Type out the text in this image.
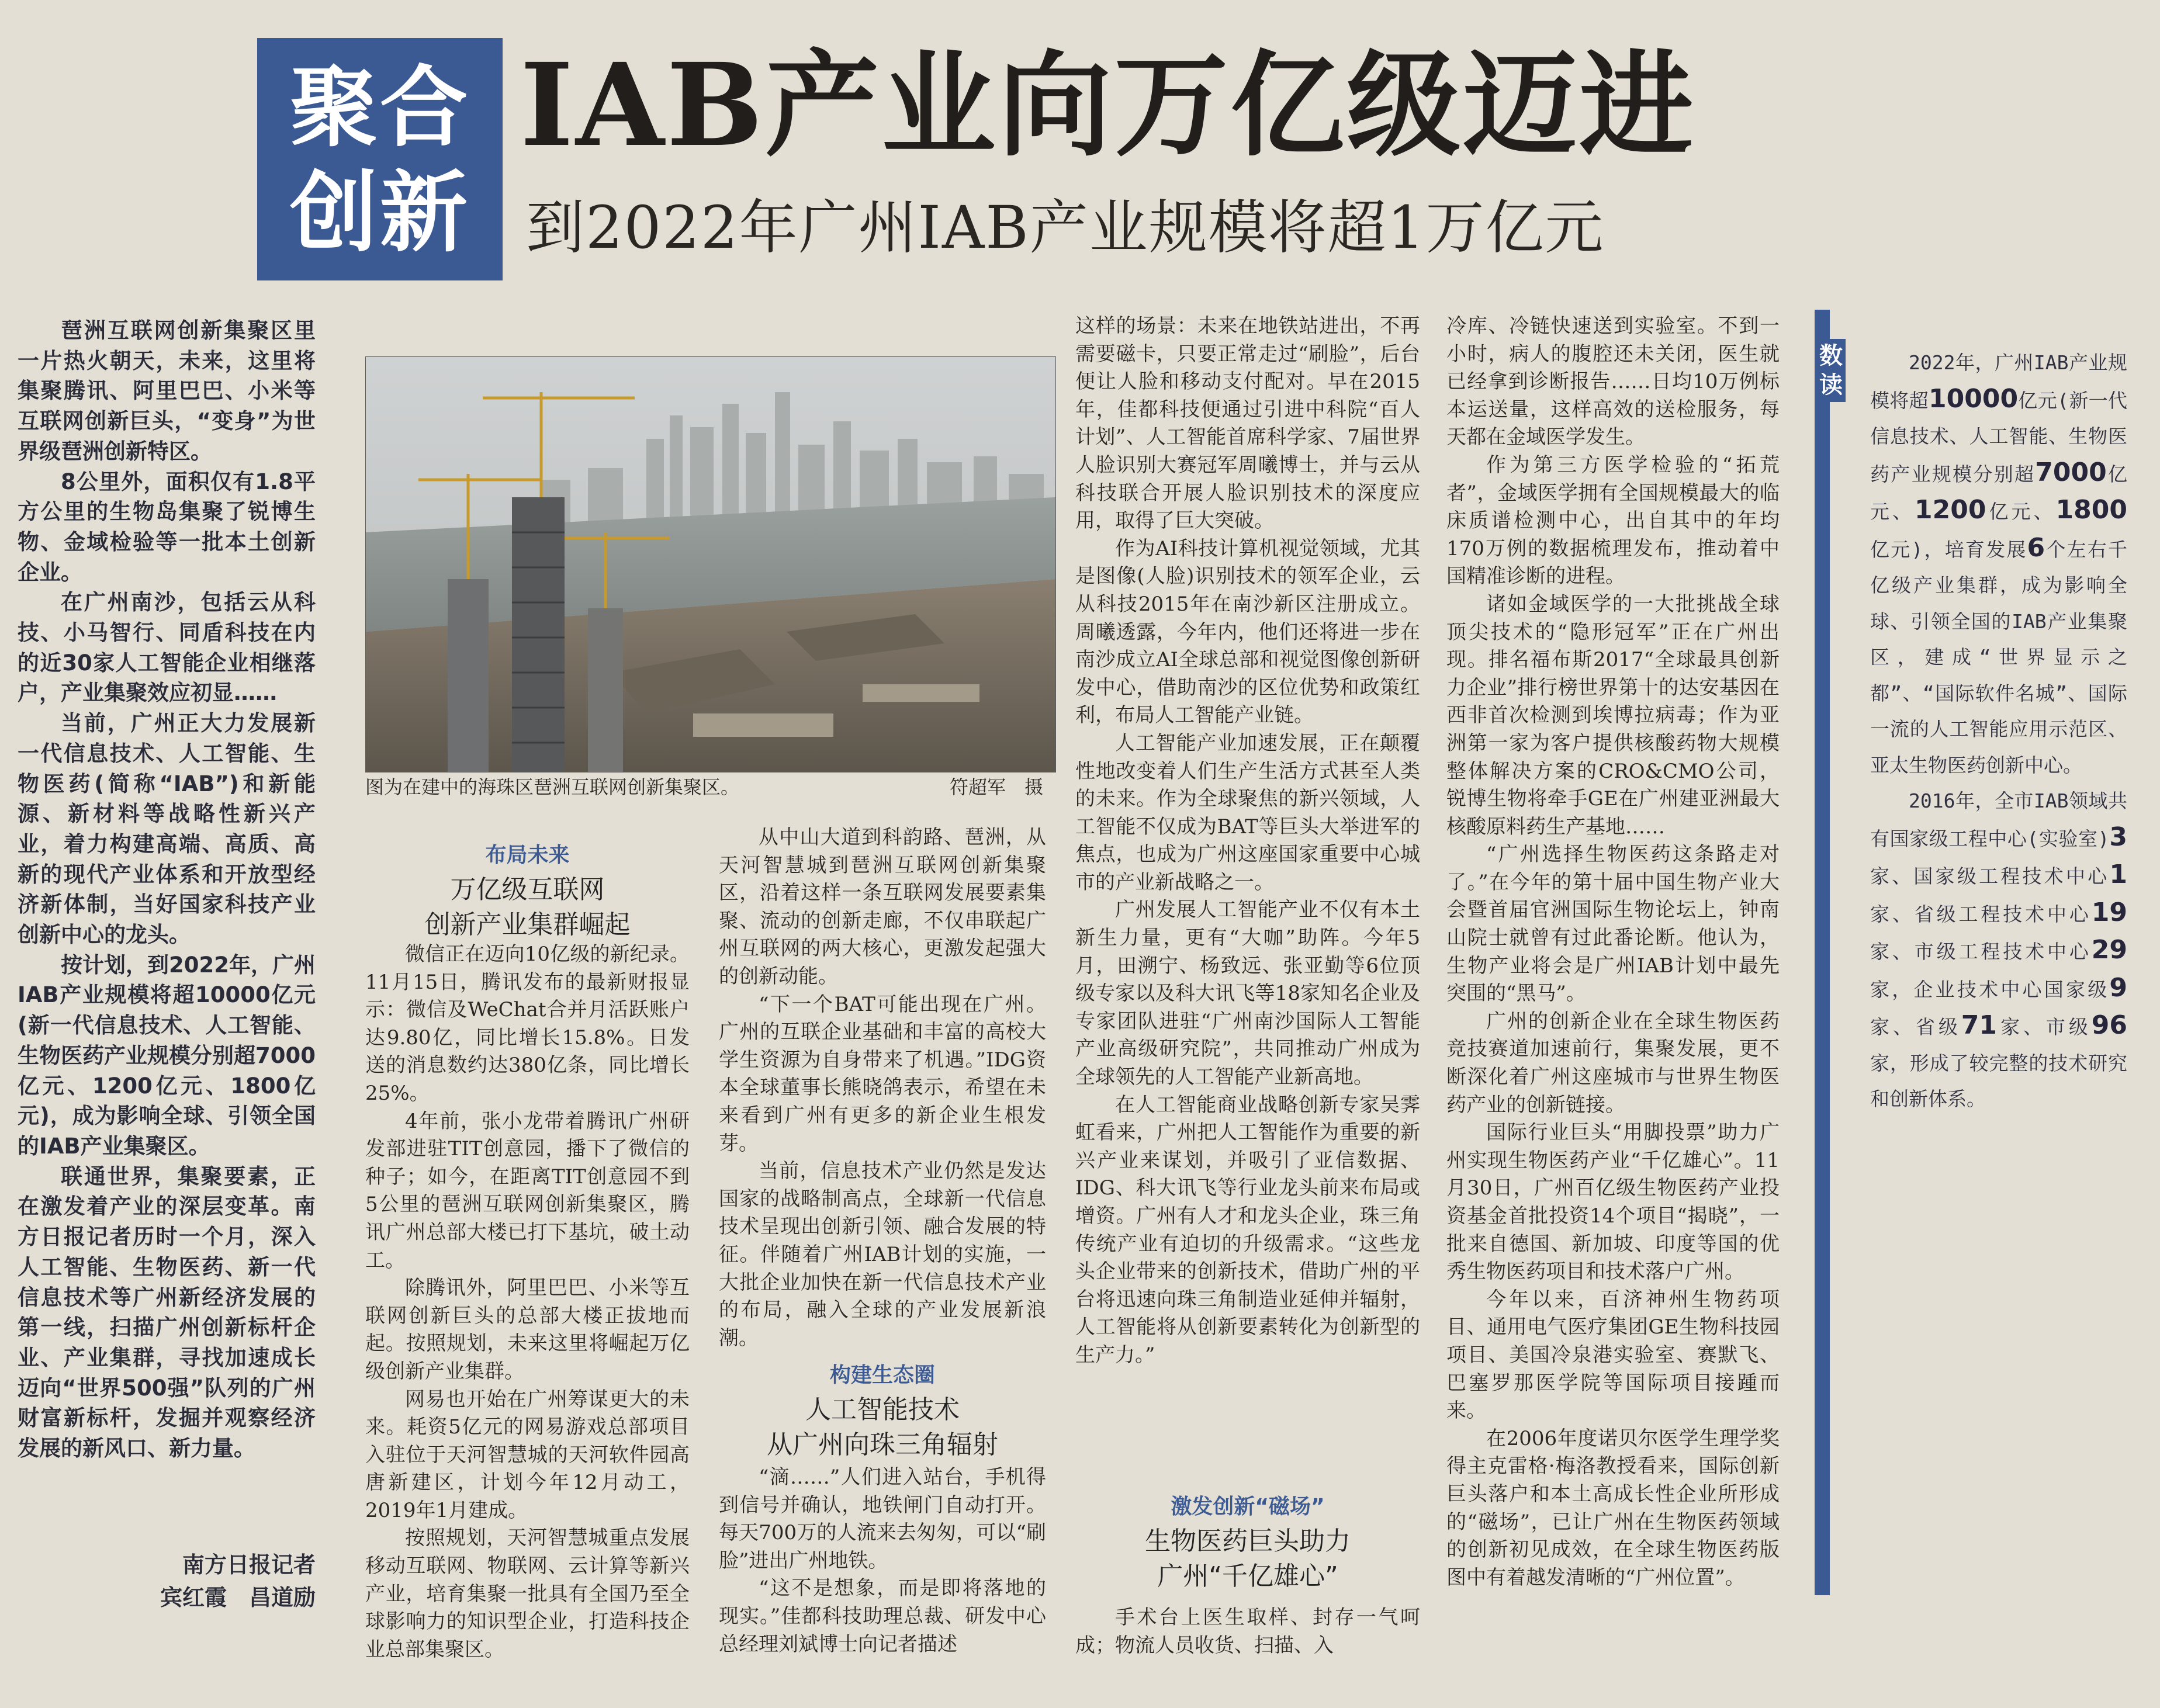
聚合
创新
IAB产业向万亿级迈进
到2022年广州IAB产业规模将超1万亿元

琶洲互联网创新集聚区里一片热火朝天，未来，这里将集聚腾讯、阿里巴巴、小米等互联网创新巨头，“变身”为世界级琶洲创新特区。

8公里外，面积仅有1.8平方公里的生物岛集聚了锐博生物、金域检验等一批本土创新企业。

在广州南沙，包括云从科技、小马智行、同盾科技在内的近30家人工智能企业相继落户，产业集聚效应初显……

当前，广州正大力发展新一代信息技术、人工智能、生物医药(简称“IAB”)和新能源、新材料等战略性新兴产业，着力构建高端、高质、高新的现代产业体系和开放型经济新体制，当好国家科技产业创新中心的龙头。

按计划，到2022年，广州IAB产业规模将超10000亿元(新一代信息技术、人工智能、生物医药产业规模分别超7000亿元、1200亿元、1800亿元)，成为影响全球、引领全国的IAB产业集聚区。

联通世界，集聚要素，正在激发着产业的深层变革。南方日报记者历时一个月，深入人工智能、生物医药、新一代信息技术等广州新经济发展的第一线，扫描广州创新标杆企业、产业集群，寻找加速成长迈向“世界500强”队列的广州财富新标杆，发掘并观察经济发展的新风口、新力量。

南方日报记者
宾红霞　昌道励
图为在建中的海珠区琶洲互联网创新集聚区。	符超军　摄
布局未来
万亿级互联网
创新产业集群崛起

微信正在迈向10亿级的新纪录。11月15日，腾讯发布的最新财报显示：微信及WeChat合并月活跃账户达9.80亿，同比增长15.8%。日发送的消息数约达380亿条，同比增长25%。

4年前，张小龙带着腾讯广州研发部进驻TIT创意园，播下了微信的种子；如今，在距离TIT创意园不到5公里的琶洲互联网创新集聚区，腾讯广州总部大楼已打下基坑，破土动工。

除腾讯外，阿里巴巴、小米等互联网创新巨头的总部大楼正拔地而起。按照规划，未来这里将崛起万亿级创新产业集群。

网易也开始在广州筹谋更大的未来。耗资5亿元的网易游戏总部项目入驻位于天河智慧城的天河软件园高唐新建区，计划今年12月动工，2019年1月建成。

按照规划，天河智慧城重点发展移动互联网、物联网、云计算等新兴产业，培育集聚一批具有全国乃至全球影响力的知识型企业，打造科技企业总部集聚区。

从中山大道到科韵路、琶洲，从天河智慧城到琶洲互联网创新集聚区，沿着这样一条互联网发展要素集聚、流动的创新走廊，不仅串联起广州互联网的两大核心，更激发起强大的创新动能。

“下一个BAT可能出现在广州。广州的互联企业基础和丰富的高校大学生资源为自身带来了机遇。”IDG资本全球董事长熊晓鸽表示，希望在未来看到广州有更多的新企业生根发芽。

当前，信息技术产业仍然是发达国家的战略制高点，全球新一代信息技术呈现出创新引领、融合发展的特征。伴随着广州IAB计划的实施，一大批企业加快在新一代信息技术产业的布局，融入全球的产业发展新浪潮。

构建生态圈
人工智能技术
从广州向珠三角辐射

“滴……”人们进入站台，手机得到信号并确认，地铁闸门自动打开。每天700万的人流来去匆匆，可以“刷脸”进出广州地铁。

“这不是想象，而是即将落地的现实。”佳都科技助理总裁、研发中心总经理刘斌博士向记者描述

这样的场景：未来在地铁站进出，不再需要磁卡，只要正常走过“刷脸”，后台便让人脸和移动支付配对。早在2015年，佳都科技便通过引进中科院“百人计划”、人工智能首席科学家、7届世界人脸识别大赛冠军周曦博士，并与云从科技联合开展人脸识别技术的深度应用，取得了巨大突破。

作为AI科技计算机视觉领域，尤其是图像(人脸)识别技术的领军企业，云从科技2015年在南沙新区注册成立。周曦透露，今年内，他们还将进一步在南沙成立AI全球总部和视觉图像创新研发中心，借助南沙的区位优势和政策红利，布局人工智能产业链。

人工智能产业加速发展，正在颠覆性地改变着人们生产生活方式甚至人类的未来。作为全球聚焦的新兴领域，人工智能不仅成为BAT等巨头大举进军的焦点，也成为广州这座国家重要中心城市的产业新战略之一。

广州发展人工智能产业不仅有本土新生力量，更有“大咖”助阵。今年5月，田溯宁、杨致远、张亚勤等6位顶级专家以及科大讯飞等18家知名企业及专家团队进驻“广州南沙国际人工智能产业高级研究院”，共同推动广州成为全球领先的人工智能产业新高地。

在人工智能商业战略创新专家吴霁虹看来，广州把人工智能作为重要的新兴产业来谋划，并吸引了亚信数据、IDG、科大讯飞等行业龙头前来布局或增资。广州有人才和龙头企业，珠三角传统产业有迫切的升级需求。“这些龙头企业带来的创新技术，借助广州的平台将迅速向珠三角制造业延伸并辐射，人工智能将从创新要素转化为创新型的生产力。”

激发创新“磁场”
生物医药巨头助力
广州“千亿雄心”

手术台上医生取样、封存一气呵成；物流人员收货、扫描、入

冷库、冷链快速送到实验室。不到一小时，病人的腹腔还未关闭，医生就已经拿到诊断报告……日均10万例标本运送量，这样高效的送检服务，每天都在金域医学发生。

作为第三方医学检验的“拓荒者”，金域医学拥有全国规模最大的临床质谱检测中心，出自其中的年均170万例的数据梳理发布，推动着中国精准诊断的进程。

诸如金域医学的一大批挑战全球顶尖技术的“隐形冠军”正在广州出现。排名福布斯2017“全球最具创新力企业”排行榜世界第十的达安基因在西非首次检测到埃博拉病毒；作为亚洲第一家为客户提供核酸药物大规模整体解决方案的CRO&CMO公司，锐博生物将牵手GE在广州建亚洲最大核酸原料药生产基地……

“广州选择生物医药这条路走对了。”在今年的第十届中国生物产业大会暨首届官洲国际生物论坛上，钟南山院士就曾有过此番论断。他认为，生物产业将会是广州IAB计划中最先突围的“黑马”。

广州的创新企业在全球生物医药竞技赛道加速前行，集聚发展，更不断深化着广州这座城市与世界生物医药产业的创新链接。

国际行业巨头“用脚投票”助力广州实现生物医药产业“千亿雄心”。11月30日，广州百亿级生物医药产业投资基金首批投资14个项目“揭晓”，一批来自德国、新加坡、印度等国的优秀生物医药项目和技术落户广州。

今年以来，百济神州生物药项目、通用电气医疗集团GE生物科技园项目、美国冷泉港实验室、赛默飞、巴塞罗那医学院等国际项目接踵而来。

在2006年度诺贝尔医学生理学奖得主克雷格·梅洛教授看来，国际创新巨头落户和本土高成长性企业所形成的“磁场”，已让广州在生物医药领域的创新初见成效，在全球生物医药版图中有着越发清晰的“广州位置”。

数读

2022年，广州IAB产业规模将超10000亿元(新一代信息技术、人工智能、生物医药产业规模分别超7000亿元、1200亿元、1800亿元)，培育发展6个左右千亿级产业集群，成为影响全球、引领全国的IAB产业集聚区，建成“世界显示之都”、“国际软件名城”、国际一流的人工智能应用示范区、亚太生物医药创新中心。

2016年，全市IAB领域共有国家级工程中心(实验室)3家、国家级工程技术中心1家、省级工程技术中心19家、市级工程技术中心29家，企业技术中心国家级9家、省级71家、市级96家，形成了较完整的技术研究和创新体系。
